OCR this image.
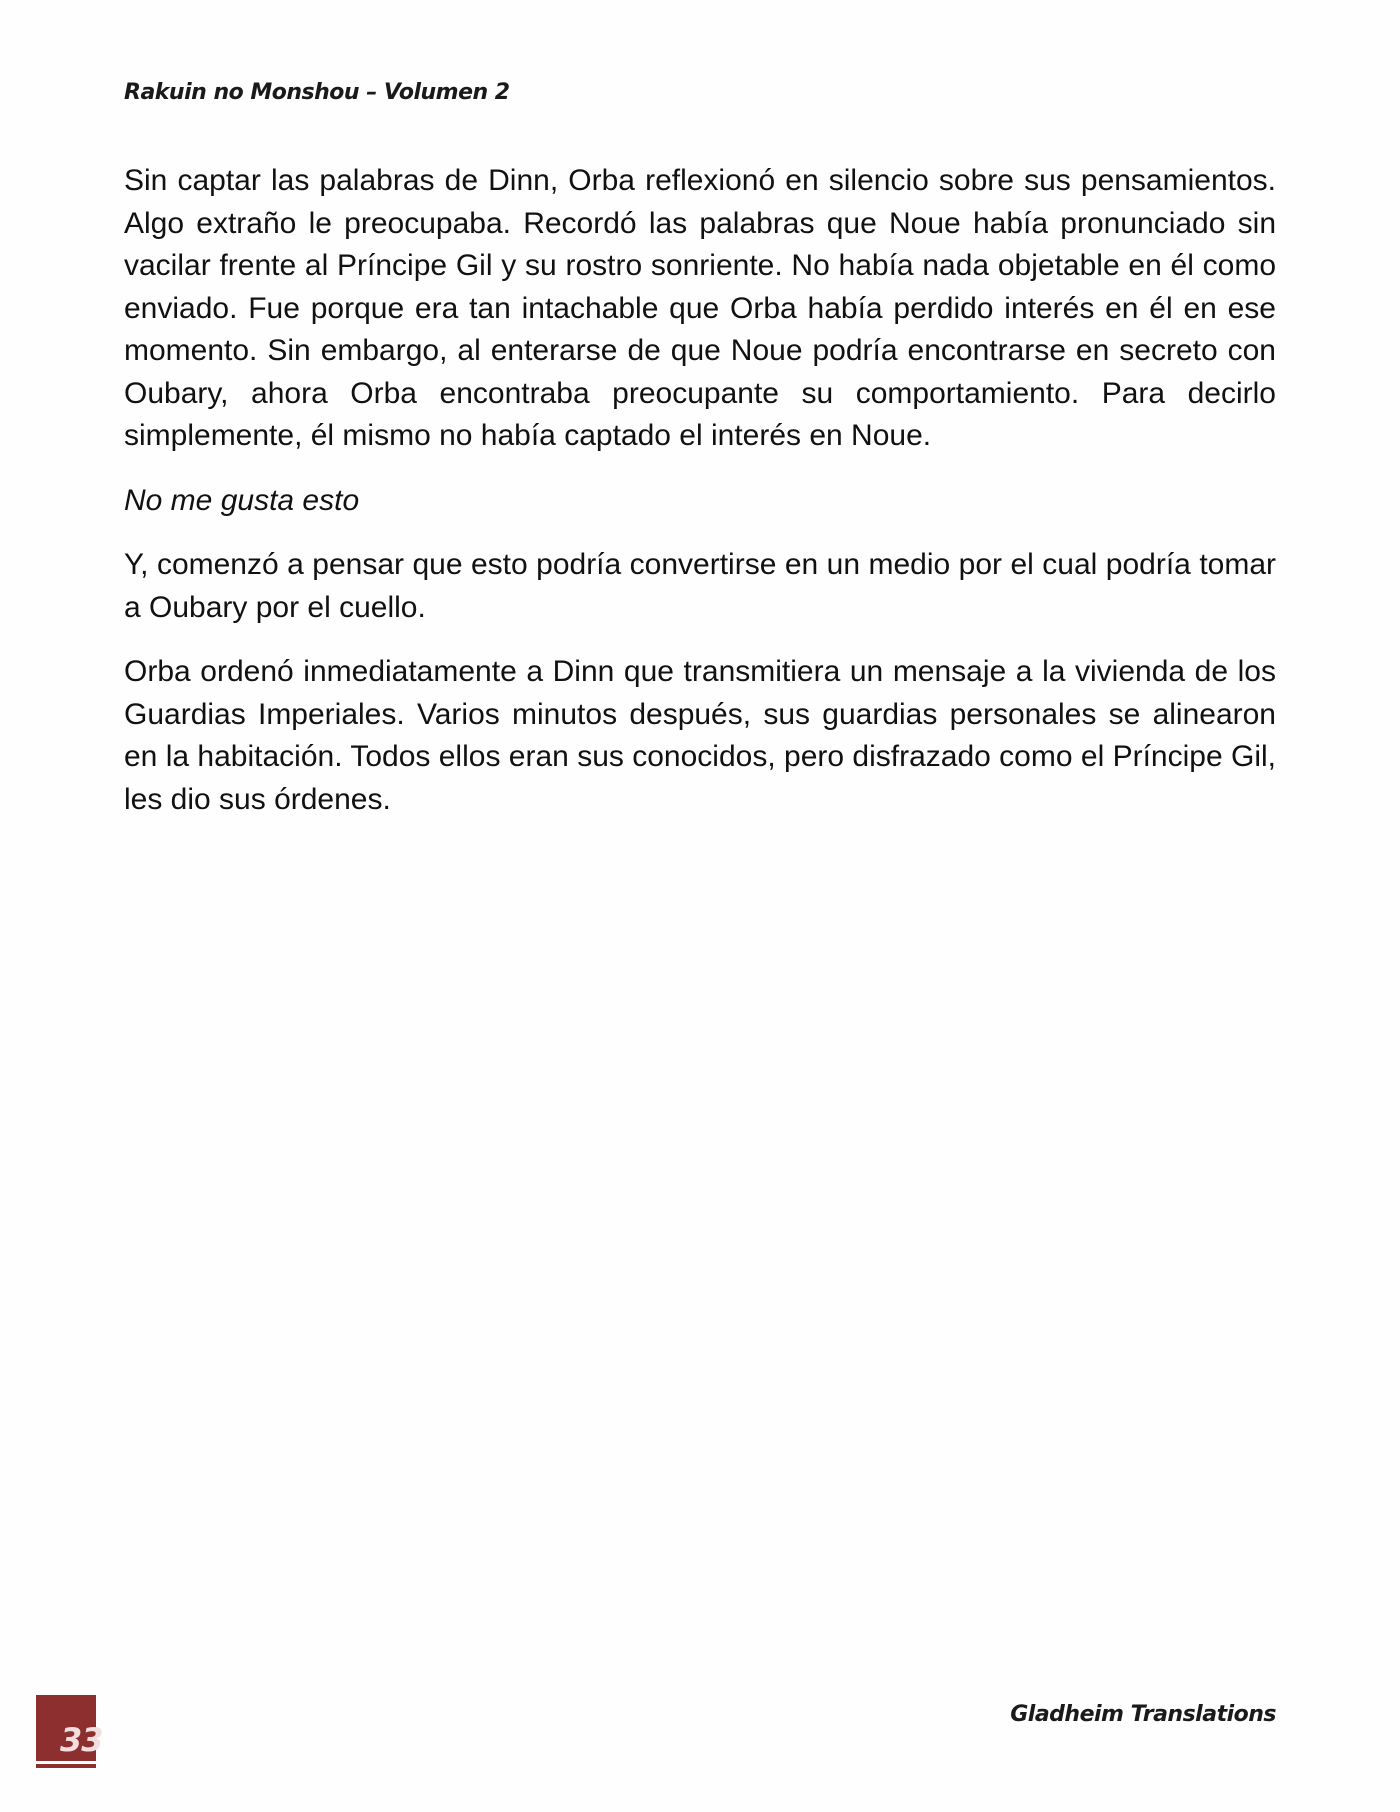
Rakuin no Monshou – Volumen 2

Sin captar las palabras de Dinn, Orba reflexionó en silencio sobre sus pensamientos. Algo extraño le preocupaba. Recordó las palabras que Noue había pronunciado sin vacilar frente al Príncipe Gil y su rostro sonriente. No había nada objetable en él como enviado. Fue porque era tan intachable que Orba había perdido interés en él en ese momento. Sin embargo, al enterarse de que Noue podría encontrarse en secreto con Oubary, ahora Orba encontraba preocupante su comportamiento. Para decirlo simplemente, él mismo no había captado el interés en Noue.

No me gusta esto

Y, comenzó a pensar que esto podría convertirse en un medio por el cual podría tomar a Oubary por el cuello.

Orba ordenó inmediatamente a Dinn que transmitiera un mensaje a la vivienda de los Guardias Imperiales. Varios minutos después, sus guardias personales se alinearon en la habitación. Todos ellos eran sus conocidos, pero disfrazado como el Príncipe Gil, les dio sus órdenes.

33
Gladheim Translations
